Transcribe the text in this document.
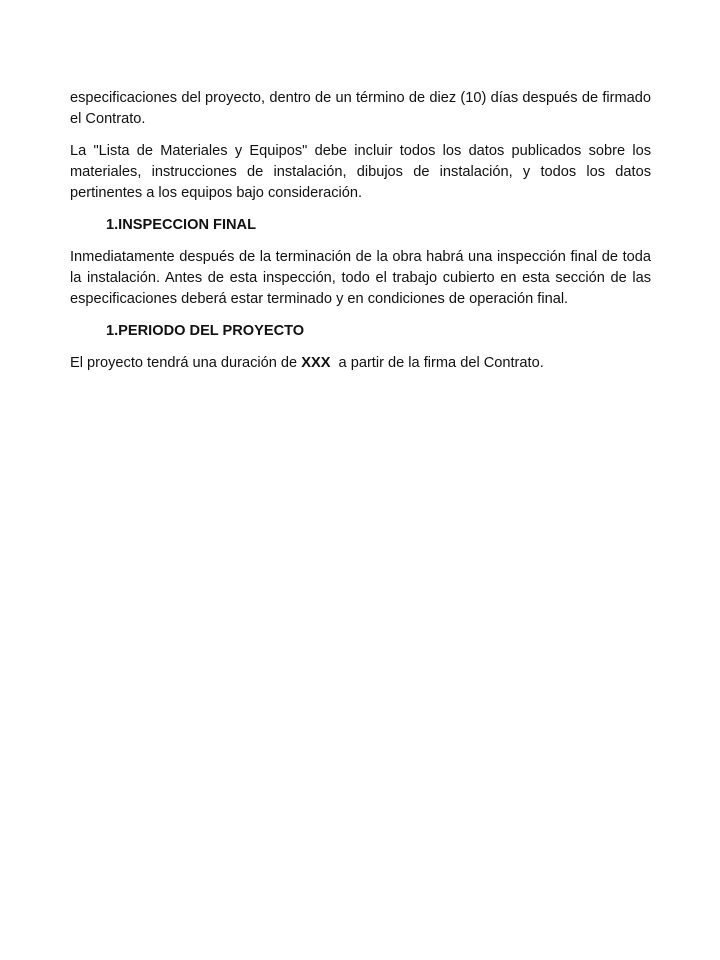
especificaciones del proyecto, dentro de un término de diez (10) días después de firmado el Contrato.

La "Lista de Materiales y Equipos" debe incluir todos los datos publicados sobre los materiales, instrucciones de instalación, dibujos de instalación, y todos los datos pertinentes a los equipos bajo consideración.

1.INSPECCION FINAL

Inmediatamente después de la terminación de la obra habrá una inspección final de toda la instalación. Antes de esta inspección, todo el trabajo cubierto en esta sección de las especificaciones deberá estar terminado y en condiciones de operación final.

1.PERIODO DEL PROYECTO

El proyecto tendrá una duración de XXX  a partir de la firma del Contrato.
